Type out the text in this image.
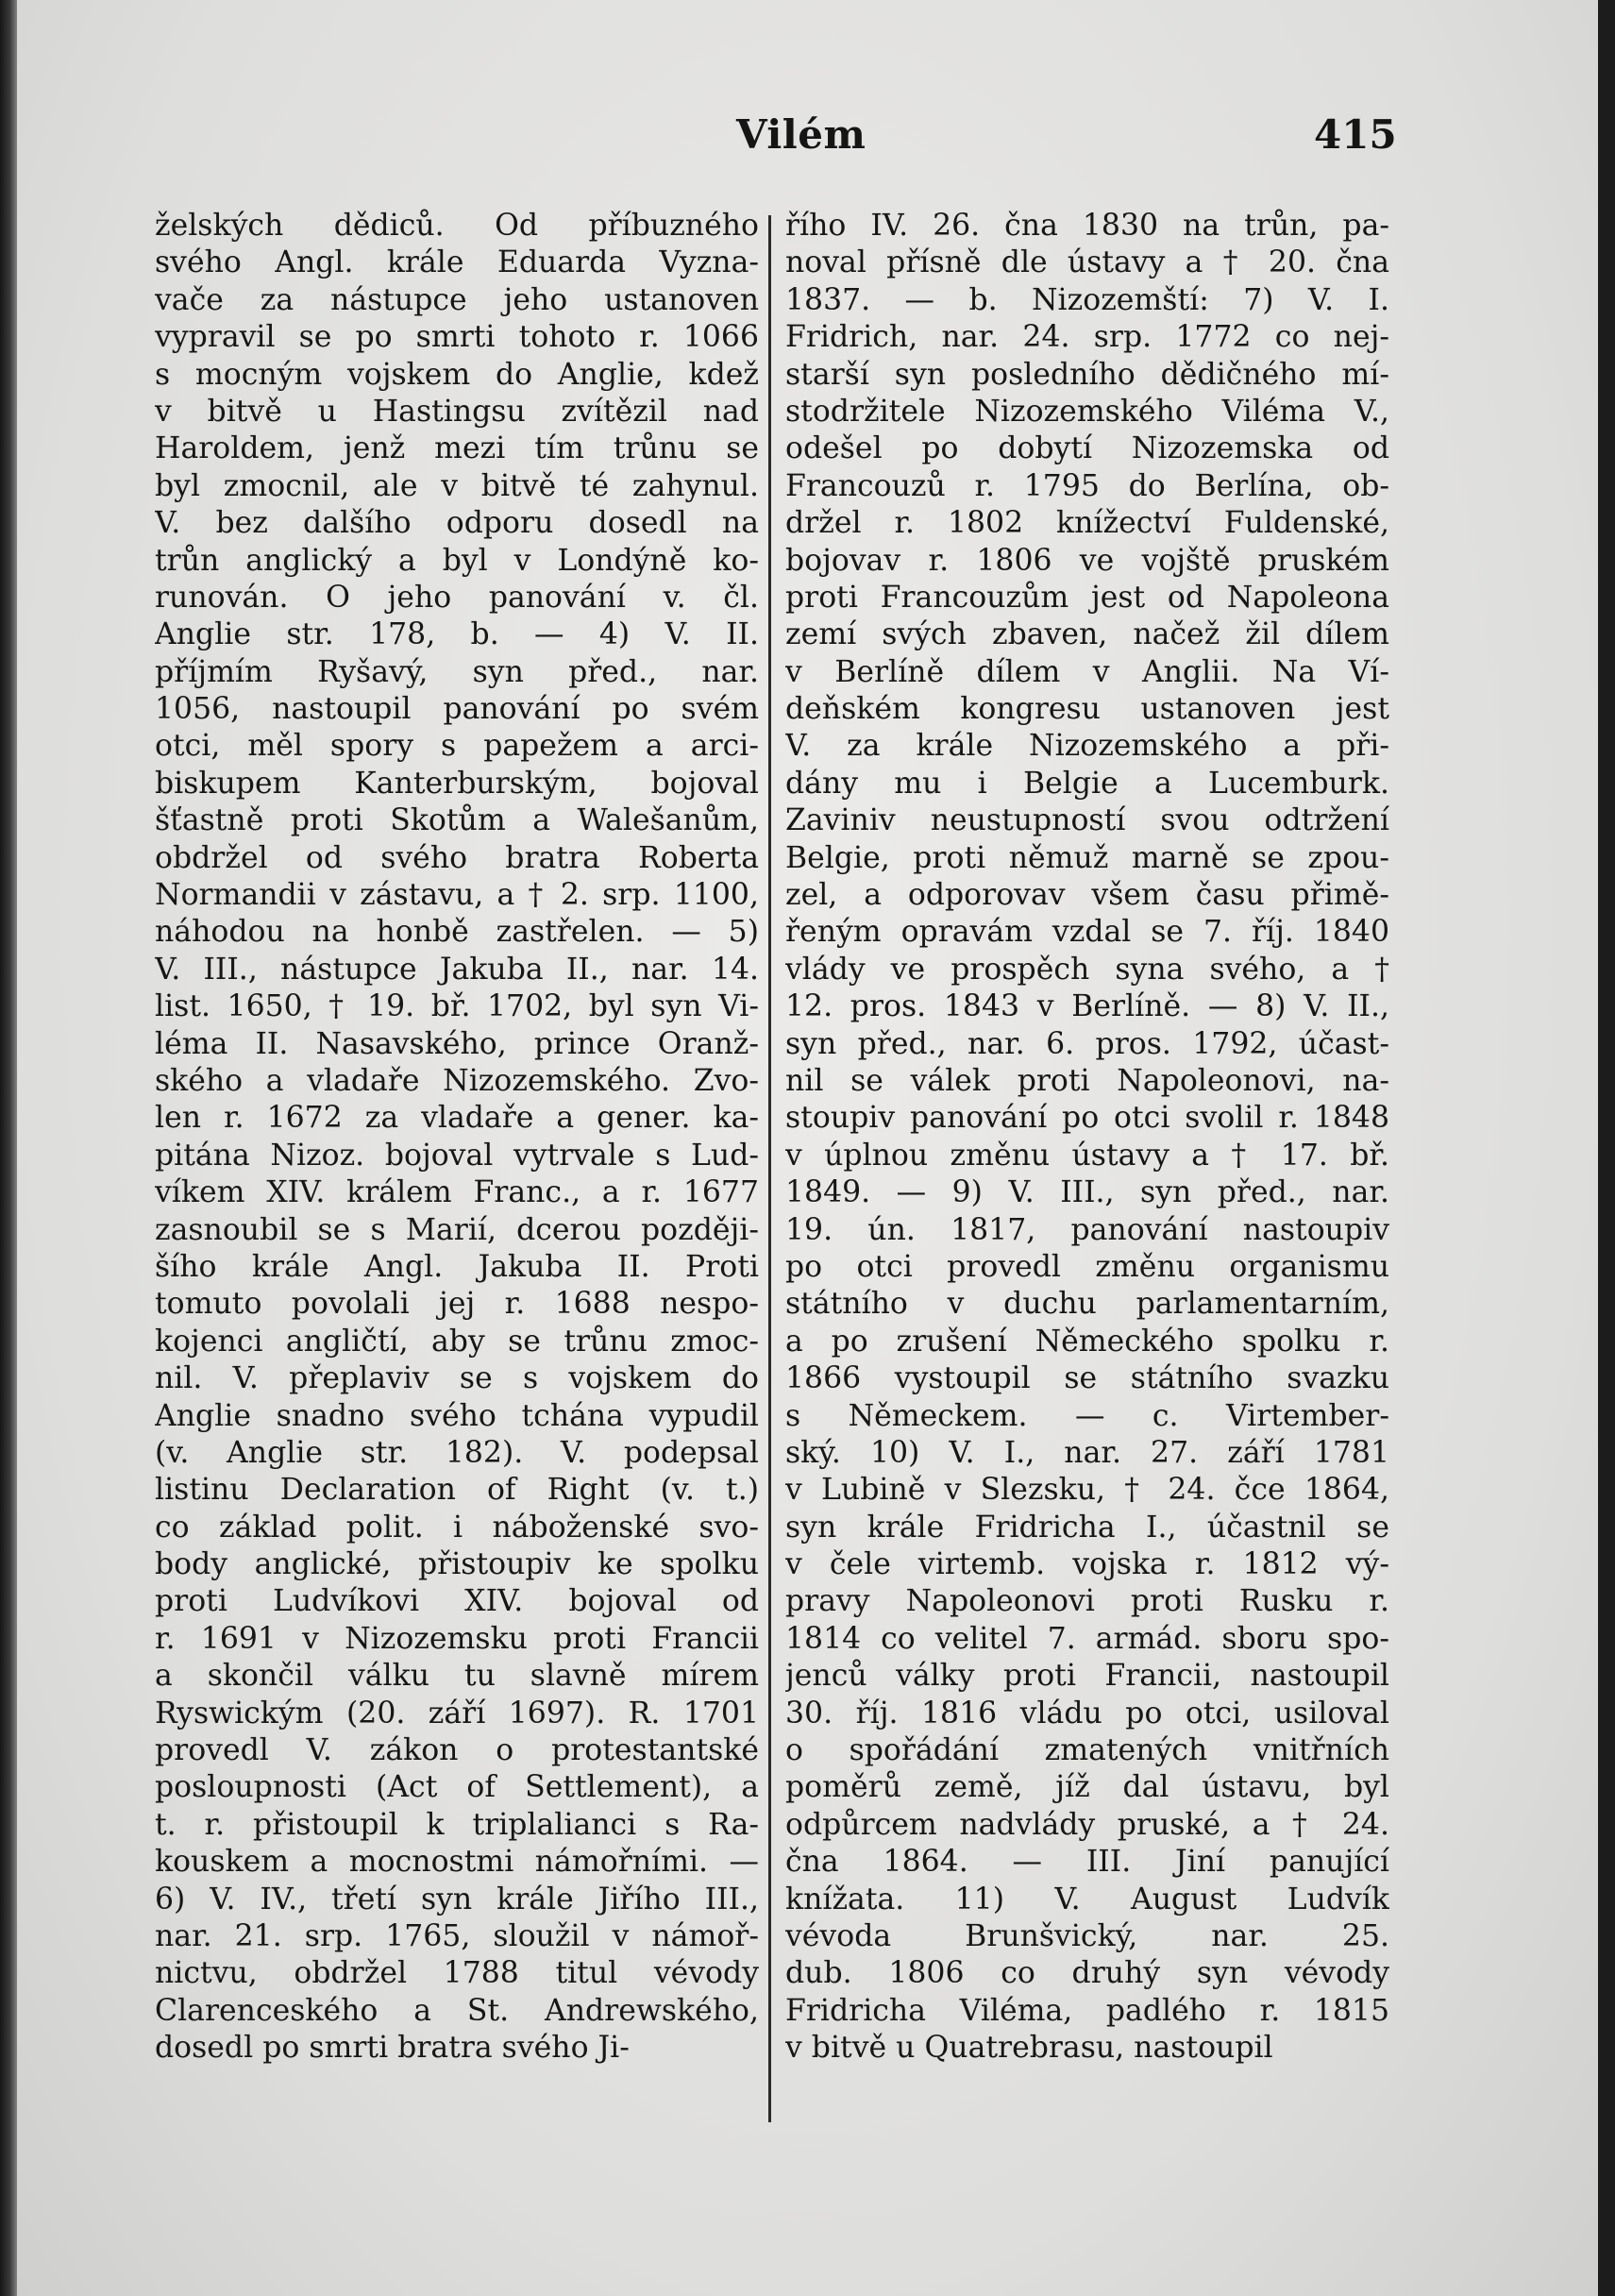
Vilém	415
želských dědiců. Od příbuzného
svého Angl. krále Eduarda Vyzna-
vače za nástupce jeho ustanoven
vypravil se po smrti tohoto r. 1066
s mocným vojskem do Anglie, kdež
v bitvě u Hastingsu zvítězil nad
Haroldem, jenž mezi tím trůnu se
byl zmocnil, ale v bitvě té zahynul.
V. bez dalšího odporu dosedl na
trůn anglický a byl v Londýně ko-
runován. O jeho panování v. čl.
Anglie str. 178, b. — 4) V. II.
příjmím Ryšavý, syn před., nar.
1056, nastoupil panování po svém
otci, měl spory s papežem a arci-
biskupem Kanterburským, bojoval
šťastně proti Skotům a Walešanům,
obdržel od svého bratra Roberta
Normandii v zástavu, a † 2. srp. 1100,
náhodou na honbě zastřelen. — 5)
V. III., nástupce Jakuba II., nar. 14.
list. 1650, † 19. bř. 1702, byl syn Vi-
léma II. Nasavského, prince Oranž-
ského a vladaře Nizozemského. Zvo-
len r. 1672 za vladaře a gener. ka-
pitána Nizoz. bojoval vytrvale s Lud-
víkem XIV. králem Franc., a r. 1677
zasnoubil se s Marií, dcerou později-
šího krále Angl. Jakuba II. Proti
tomuto povolali jej r. 1688 nespo-
kojenci angličtí, aby se trůnu zmoc-
nil. V. přeplaviv se s vojskem do
Anglie snadno svého tchána vypudil
(v. Anglie str. 182). V. podepsal
listinu Declaration of Right (v. t.)
co základ polit. i náboženské svo-
body anglické, přistoupiv ke spolku
proti Ludvíkovi XIV. bojoval od
r. 1691 v Nizozemsku proti Francii
a skončil válku tu slavně mírem
Ryswickým (20. září 1697). R. 1701
provedl V. zákon o protestantské
posloupnosti (Act of Settlement), a
t. r. přistoupil k triplalianci s Ra-
kouskem a mocnostmi námořními. —
6) V. IV., třetí syn krále Jiřího III.,
nar. 21. srp. 1765, sloužil v námoř-
nictvu, obdržel 1788 titul vévody
Clarenceského a St. Andrewského,
dosedl po smrti bratra svého Ji-
řího IV. 26. čna 1830 na trůn, pa-
noval přísně dle ústavy a † 20. čna
1837. — b. Nizozemští: 7) V. I.
Fridrich, nar. 24. srp. 1772 co nej-
starší syn posledního dědičného mí-
stodržitele Nizozemského Viléma V.,
odešel po dobytí Nizozemska od
Francouzů r. 1795 do Berlína, ob-
držel r. 1802 knížectví Fuldenské,
bojovav r. 1806 ve vojště pruském
proti Francouzům jest od Napoleona
zemí svých zbaven, načež žil dílem
v Berlíně dílem v Anglii. Na Ví-
deňském kongresu ustanoven jest
V. za krále Nizozemského a při-
dány mu i Belgie a Lucemburk.
Zaviniv neustupností svou odtržení
Belgie, proti němuž marně se zpou-
zel, a odporovav všem času přimě-
řeným opravám vzdal se 7. říj. 1840
vlády ve prospěch syna svého, a †
12. pros. 1843 v Berlíně. — 8) V. II.,
syn před., nar. 6. pros. 1792, účast-
nil se válek proti Napoleonovi, na-
stoupiv panování po otci svolil r. 1848
v úplnou změnu ústavy a † 17. bř.
1849. — 9) V. III., syn před., nar.
19. ún. 1817, panování nastoupiv
po otci provedl změnu organismu
státního v duchu parlamentarním,
a po zrušení Německého spolku r.
1866 vystoupil se státního svazku
s Německem. — c. Virtember-
ský. 10) V. I., nar. 27. září 1781
v Lubině v Slezsku, † 24. čce 1864,
syn krále Fridricha I., účastnil se
v čele virtemb. vojska r. 1812 vý-
pravy Napoleonovi proti Rusku r.
1814 co velitel 7. armád. sboru spo-
jenců války proti Francii, nastoupil
30. říj. 1816 vládu po otci, usiloval
o spořádání zmatených vnitřních
poměrů země, jíž dal ústavu, byl
odpůrcem nadvlády pruské, a † 24.
čna 1864. — III. Jiní panující
knížata. 11) V. August Ludvík
vévoda Brunšvický, nar. 25.
dub. 1806 co druhý syn vévody
Fridricha Viléma, padlého r. 1815
v bitvě u Quatrebrasu, nastoupil
